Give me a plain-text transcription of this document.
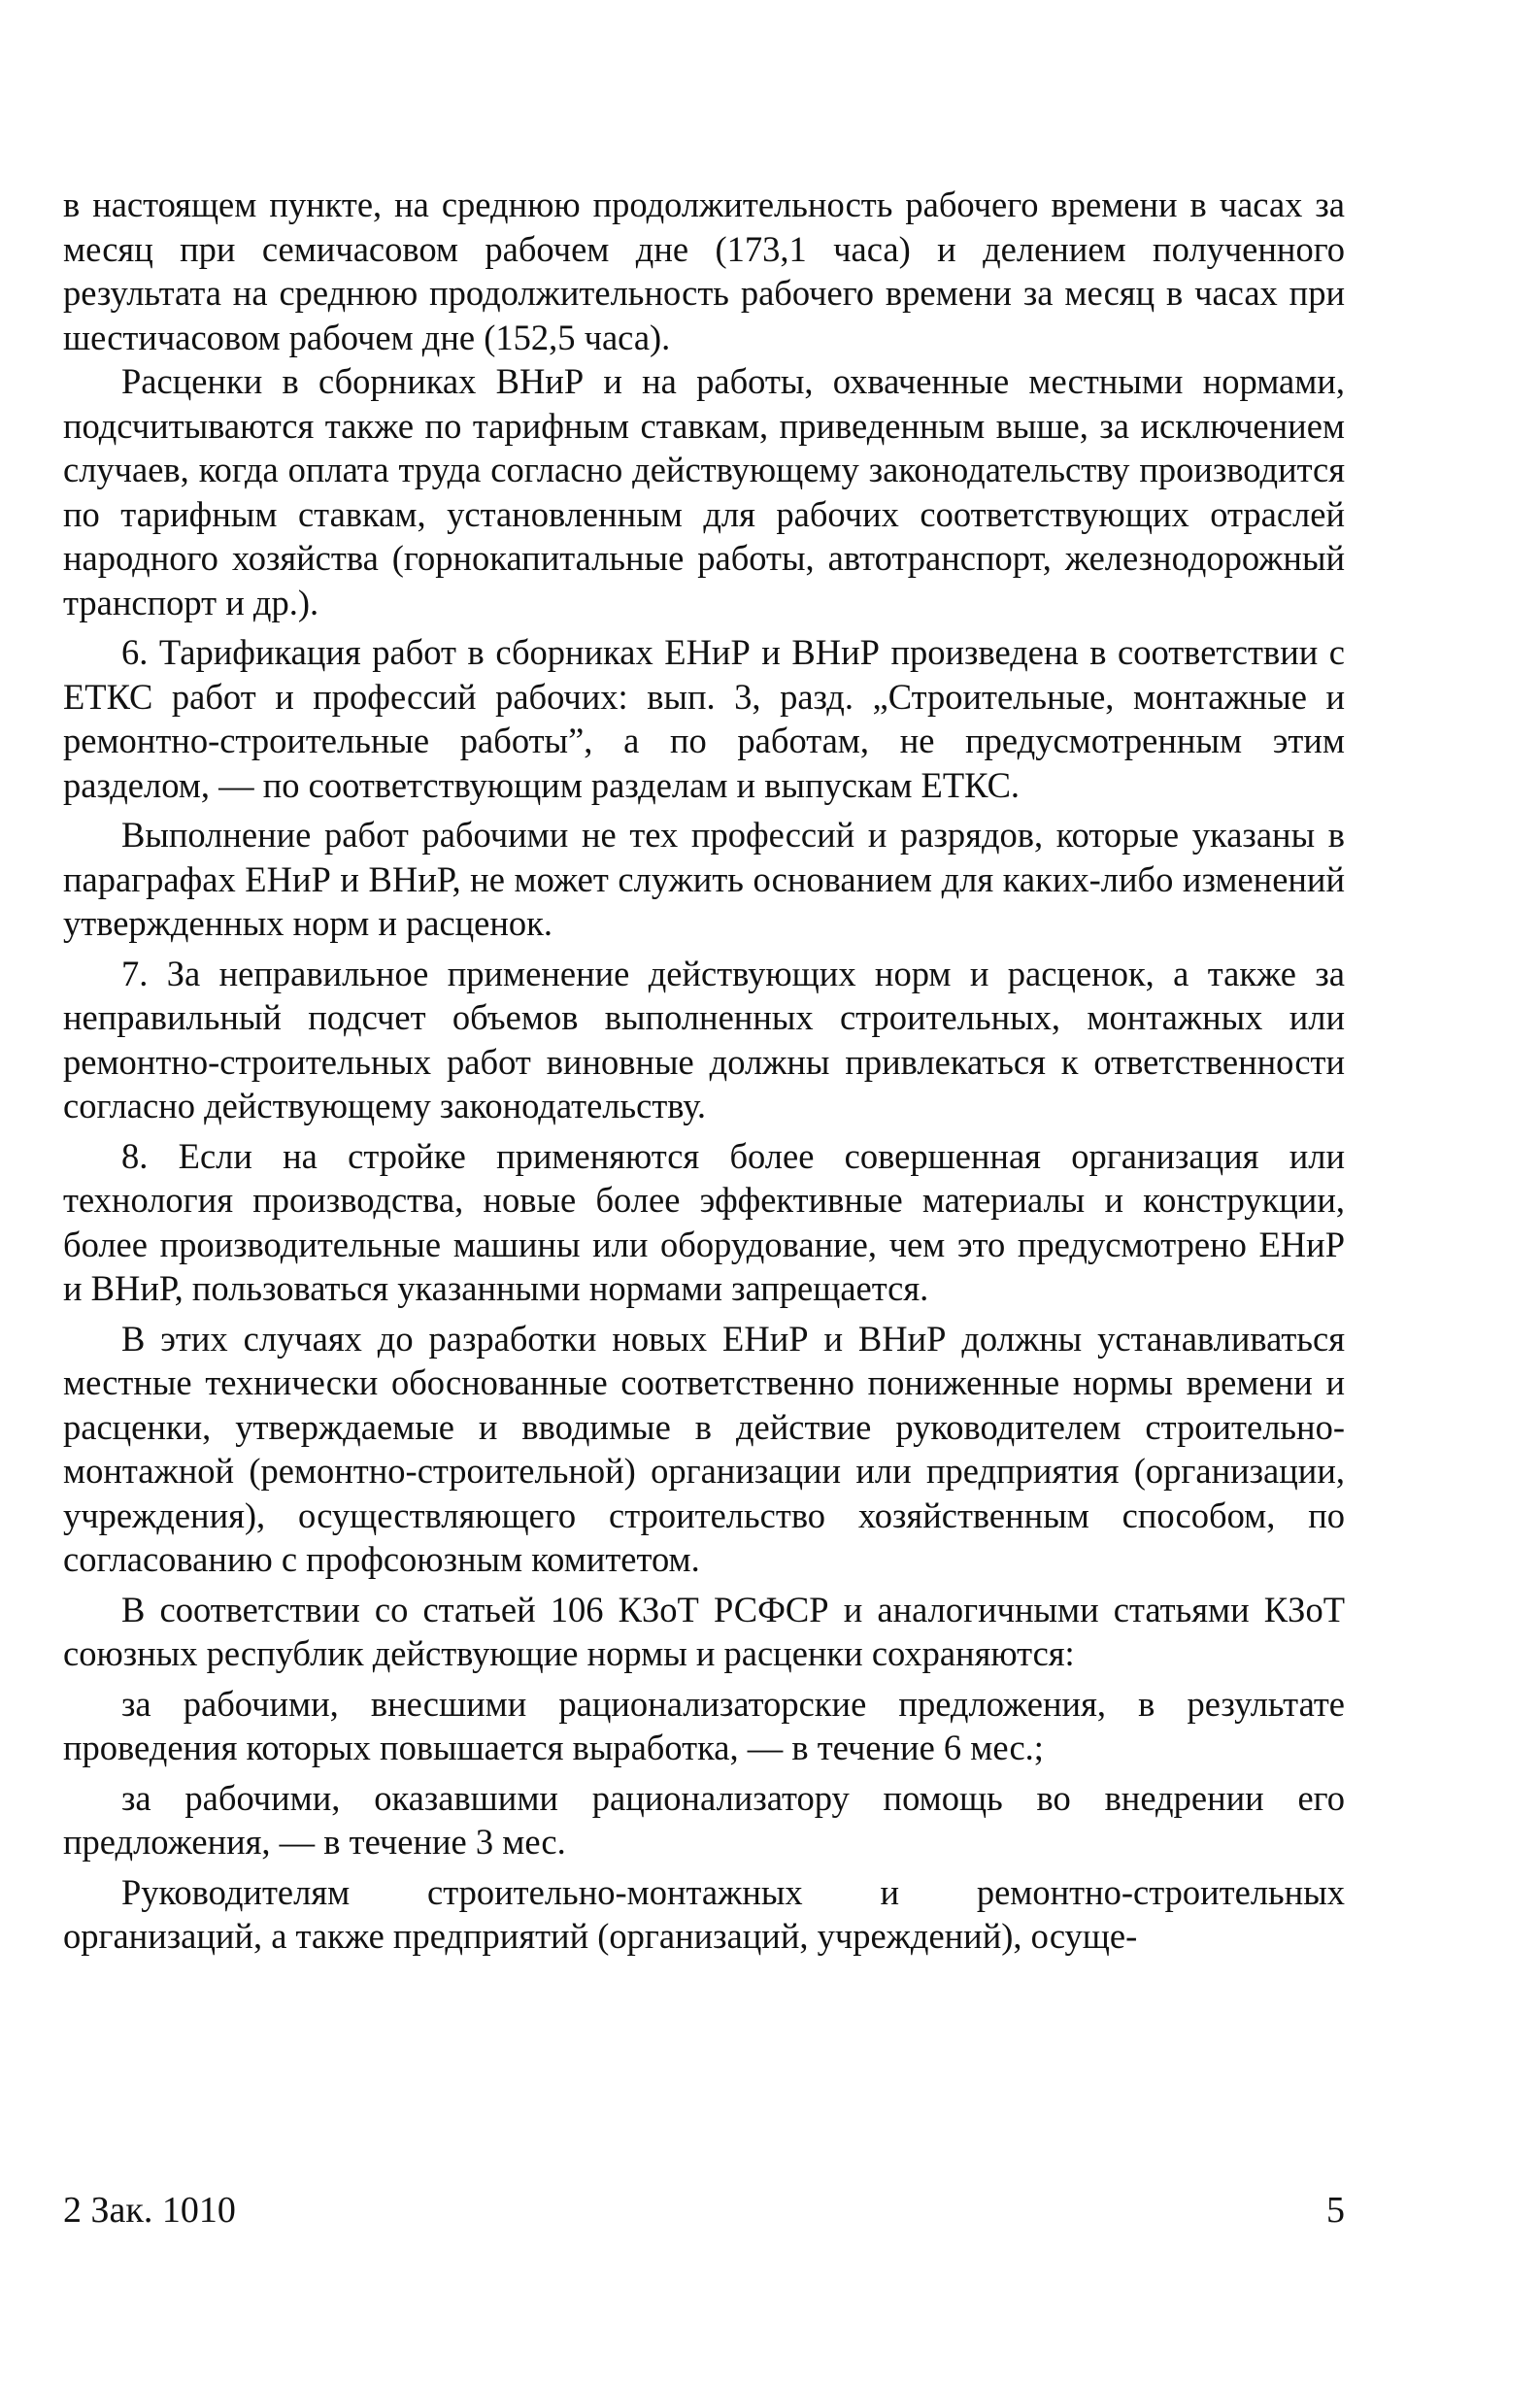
в настоящем пункте, на среднюю продолжительность рабочего времени в часах за месяц при семичасовом рабочем дне (173,1 часа) и делением полученного результата на среднюю продолжительность рабочего времени за месяц в часах при шестичасовом рабочем дне (152,5 часа).

Расценки в сборниках ВНиР и на работы, охваченные местными нормами, подсчитываются также по тарифным ставкам, приведенным выше, за исключением случаев, когда оплата труда согласно действующему законодательству производится по тарифным ставкам, установленным для рабочих соответствующих отраслей народного хозяйства (горнокапитальные работы, автотранспорт, железнодорожный транспорт и др.).

6. Тарификация работ в сборниках ЕНиР и ВНиР произведена в соответствии с ЕТКС работ и профессий рабочих: вып. 3, разд. „Строительные, монтажные и ремонтно-строительные работы”, а по работам, не предусмотренным этим разделом, — по соответствующим разделам и выпускам ЕТКС.

Выполнение работ рабочими не тех профессий и разрядов, которые указаны в параграфах ЕНиР и ВНиР, не может служить основанием для каких-либо изменений утвержденных норм и расценок.

7. За неправильное применение действующих норм и расценок, а также за неправильный подсчет объемов выполненных строительных, монтажных или ремонтно-строительных работ виновные должны привлекаться к ответственности согласно действующему законодательству.

8. Если на стройке применяются более совершенная организация или технология производства, новые более эффективные материалы и конструкции, более производительные машины или оборудование, чем это предусмотрено ЕНиР и ВНиР, пользоваться указанными нормами запрещается.

В этих случаях до разработки новых ЕНиР и ВНиР должны устанавливаться местные технически обоснованные соответственно пониженные нормы времени и расценки, утверждаемые и вводимые в действие руководителем строительно-монтажной (ремонтно-строительной) организации или предприятия (организации, учреждения), осуществляющего строительство хозяйственным способом, по согласованию с профсоюзным комитетом.

В соответствии со статьей 106 КЗоТ РСФСР и аналогичными статьями КЗоТ союзных республик действующие нормы и расценки сохраняются:

за рабочими, внесшими рационализаторские предложения, в результате проведения которых повышается выработка, — в течение 6 мес.;

за рабочими, оказавшими рационализатору помощь во внедрении его предложения, — в течение 3 мес.

Руководителям строительно-монтажных и ремонтно-строительных организаций, а также предприятий (организаций, учреждений), осуще-

2 Зак. 1010	5
